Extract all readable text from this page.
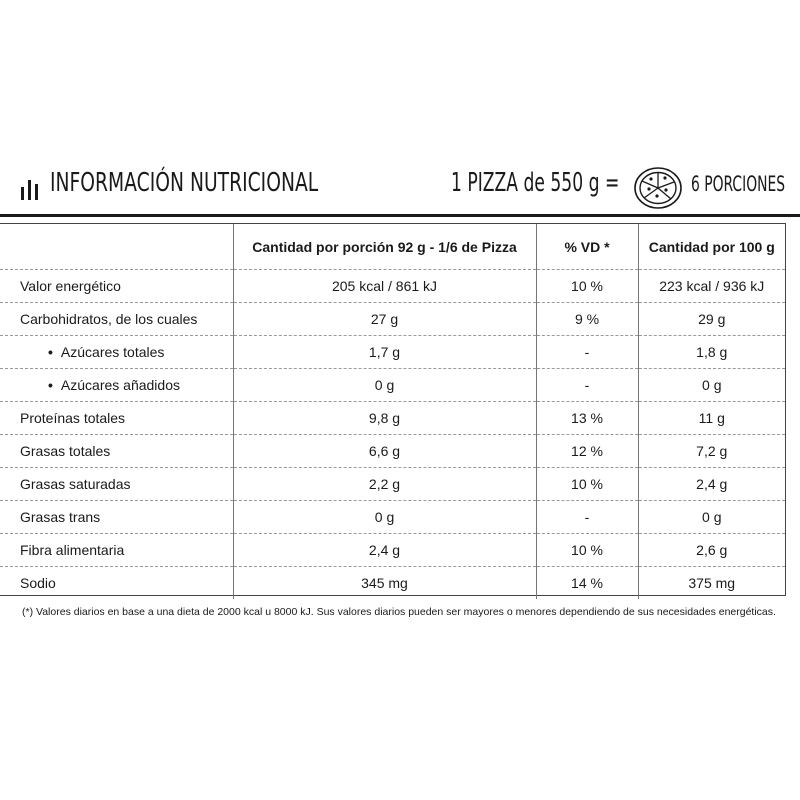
INFORMACIÓN NUTRICIONAL	1 PIZZA de 550 g =	6 PORCIONES
	Cantidad por porción 92 g - 1/6 de Pizza	% VD *	Cantidad por 100 g
Valor energético	205 kcal / 861 kJ	10 %	223 kcal / 936 kJ
Carbohidratos, de los cuales	27 g	9 %	29 g
• Azúcares totales	1,7 g	-	1,8 g
• Azúcares añadidos	0 g	-	0 g
Proteínas totales	9,8 g	13 %	11 g
Grasas totales	6,6 g	12 %	7,2 g
Grasas saturadas	2,2 g	10 %	2,4 g
Grasas trans	0 g	-	0 g
Fibra alimentaria	2,4 g	10 %	2,6 g
Sodio	345 mg	14 %	375 mg
(*) Valores diarios en base a una dieta de 2000 kcal u 8000 kJ. Sus valores diarios pueden ser mayores o menores dependiendo de sus necesidades energéticas.
